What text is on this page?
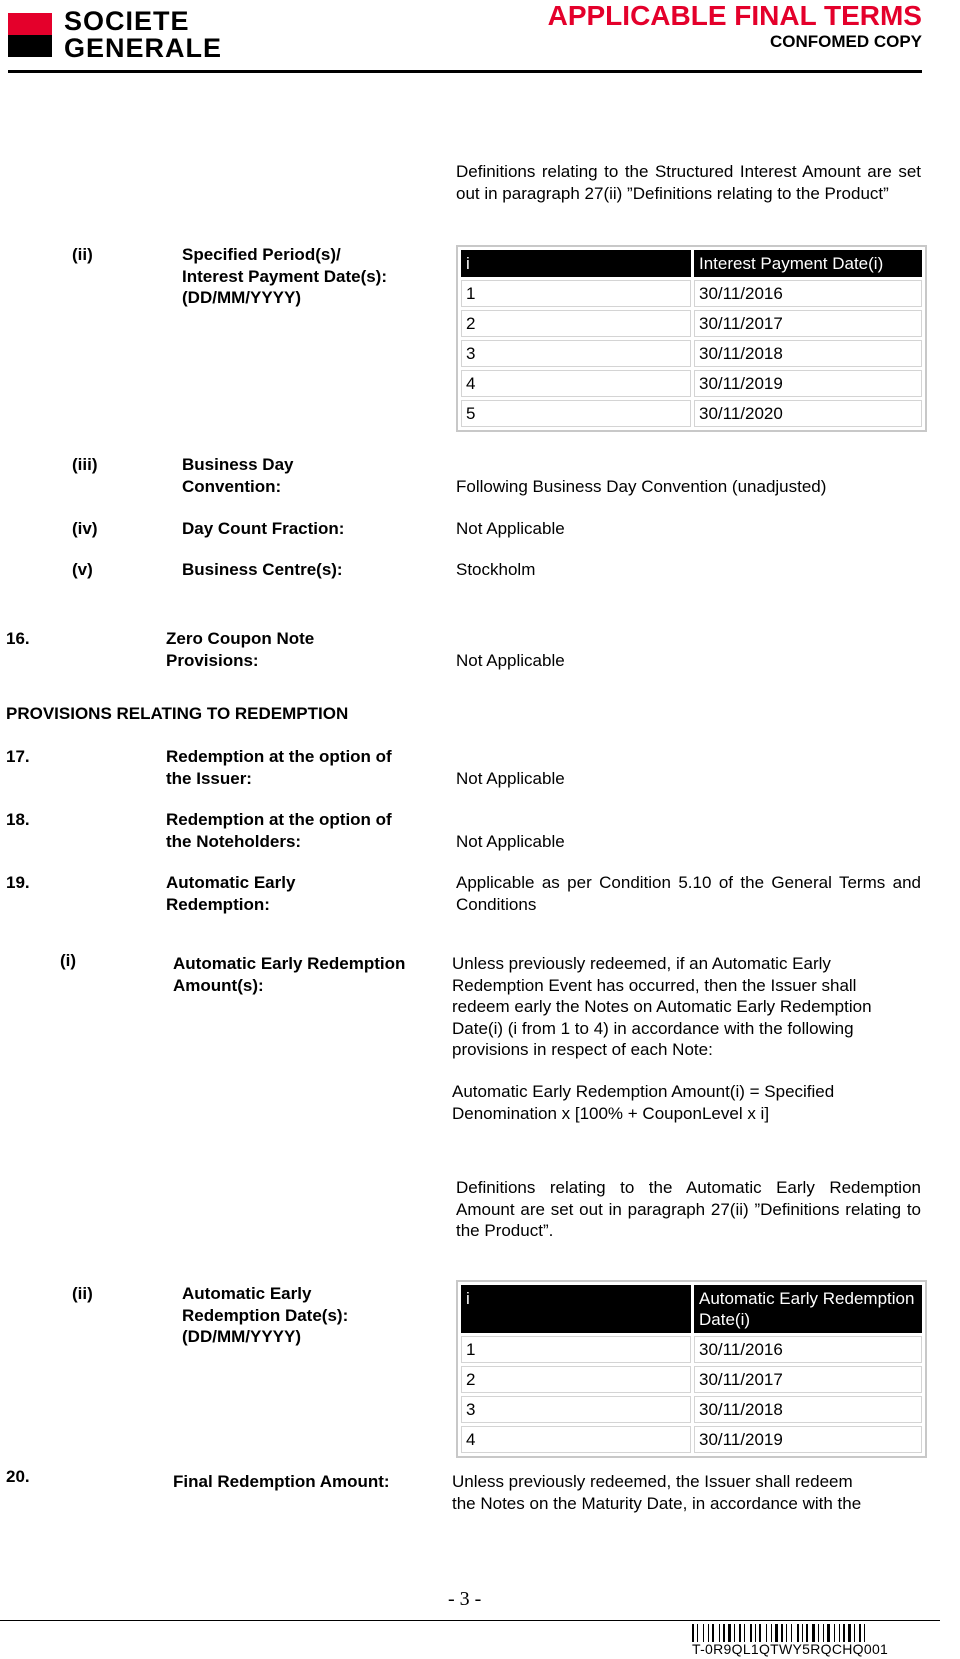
SOCIETE
GENERALE
APPLICABLE FINAL TERMS
CONFOMED COPY
Definitions relating to the Structured Interest Amount are set out in paragraph 27(ii) ”Definitions relating to the Product”
(ii)	Specified Period(s)/
Interest Payment Date(s):
(DD/MM/YYYY)
i	Interest Payment Date(i)
1	30/11/2016
2	30/11/2017
3	30/11/2018
4	30/11/2019
5	30/11/2020
(iii)	Business Day
Convention:	Following Business Day Convention (unadjusted)
(iv)	Day Count Fraction:	Not Applicable
(v)	Business Centre(s):	Stockholm
16.	Zero Coupon Note
Provisions:	Not Applicable
PROVISIONS RELATING TO REDEMPTION
17.	Redemption at the option of
the Issuer:	Not Applicable
18.	Redemption at the option of
the Noteholders:	Not Applicable
19.	Automatic Early
Redemption:
Applicable as per Condition 5.10 of the General Terms and Conditions
(i)	Automatic Early Redemption
Amount(s):
Unless previously redeemed, if an Automatic Early
Redemption Event has occurred, then the Issuer shall
redeem early the Notes on Automatic Early Redemption
Date(i) (i from 1 to 4) in accordance with the following
provisions in respect of each Note:
Automatic Early Redemption Amount(i) = Specified
Denomination x [100% + CouponLevel x i]
Definitions relating to the Automatic Early Redemption Amount are set out in paragraph 27(ii) ”Definitions relating to the Product”.
(ii)	Automatic Early
Redemption Date(s):
(DD/MM/YYYY)
i	Automatic Early Redemption Date(i)
1	30/11/2016
2	30/11/2017
3	30/11/2018
4	30/11/2019
20.	Final Redemption Amount:	Unless previously redeemed, the Issuer shall redeem
the Notes on the Maturity Date, in accordance with the
- 3 -
T-0R9QL1QTWY5RQCHQ001
